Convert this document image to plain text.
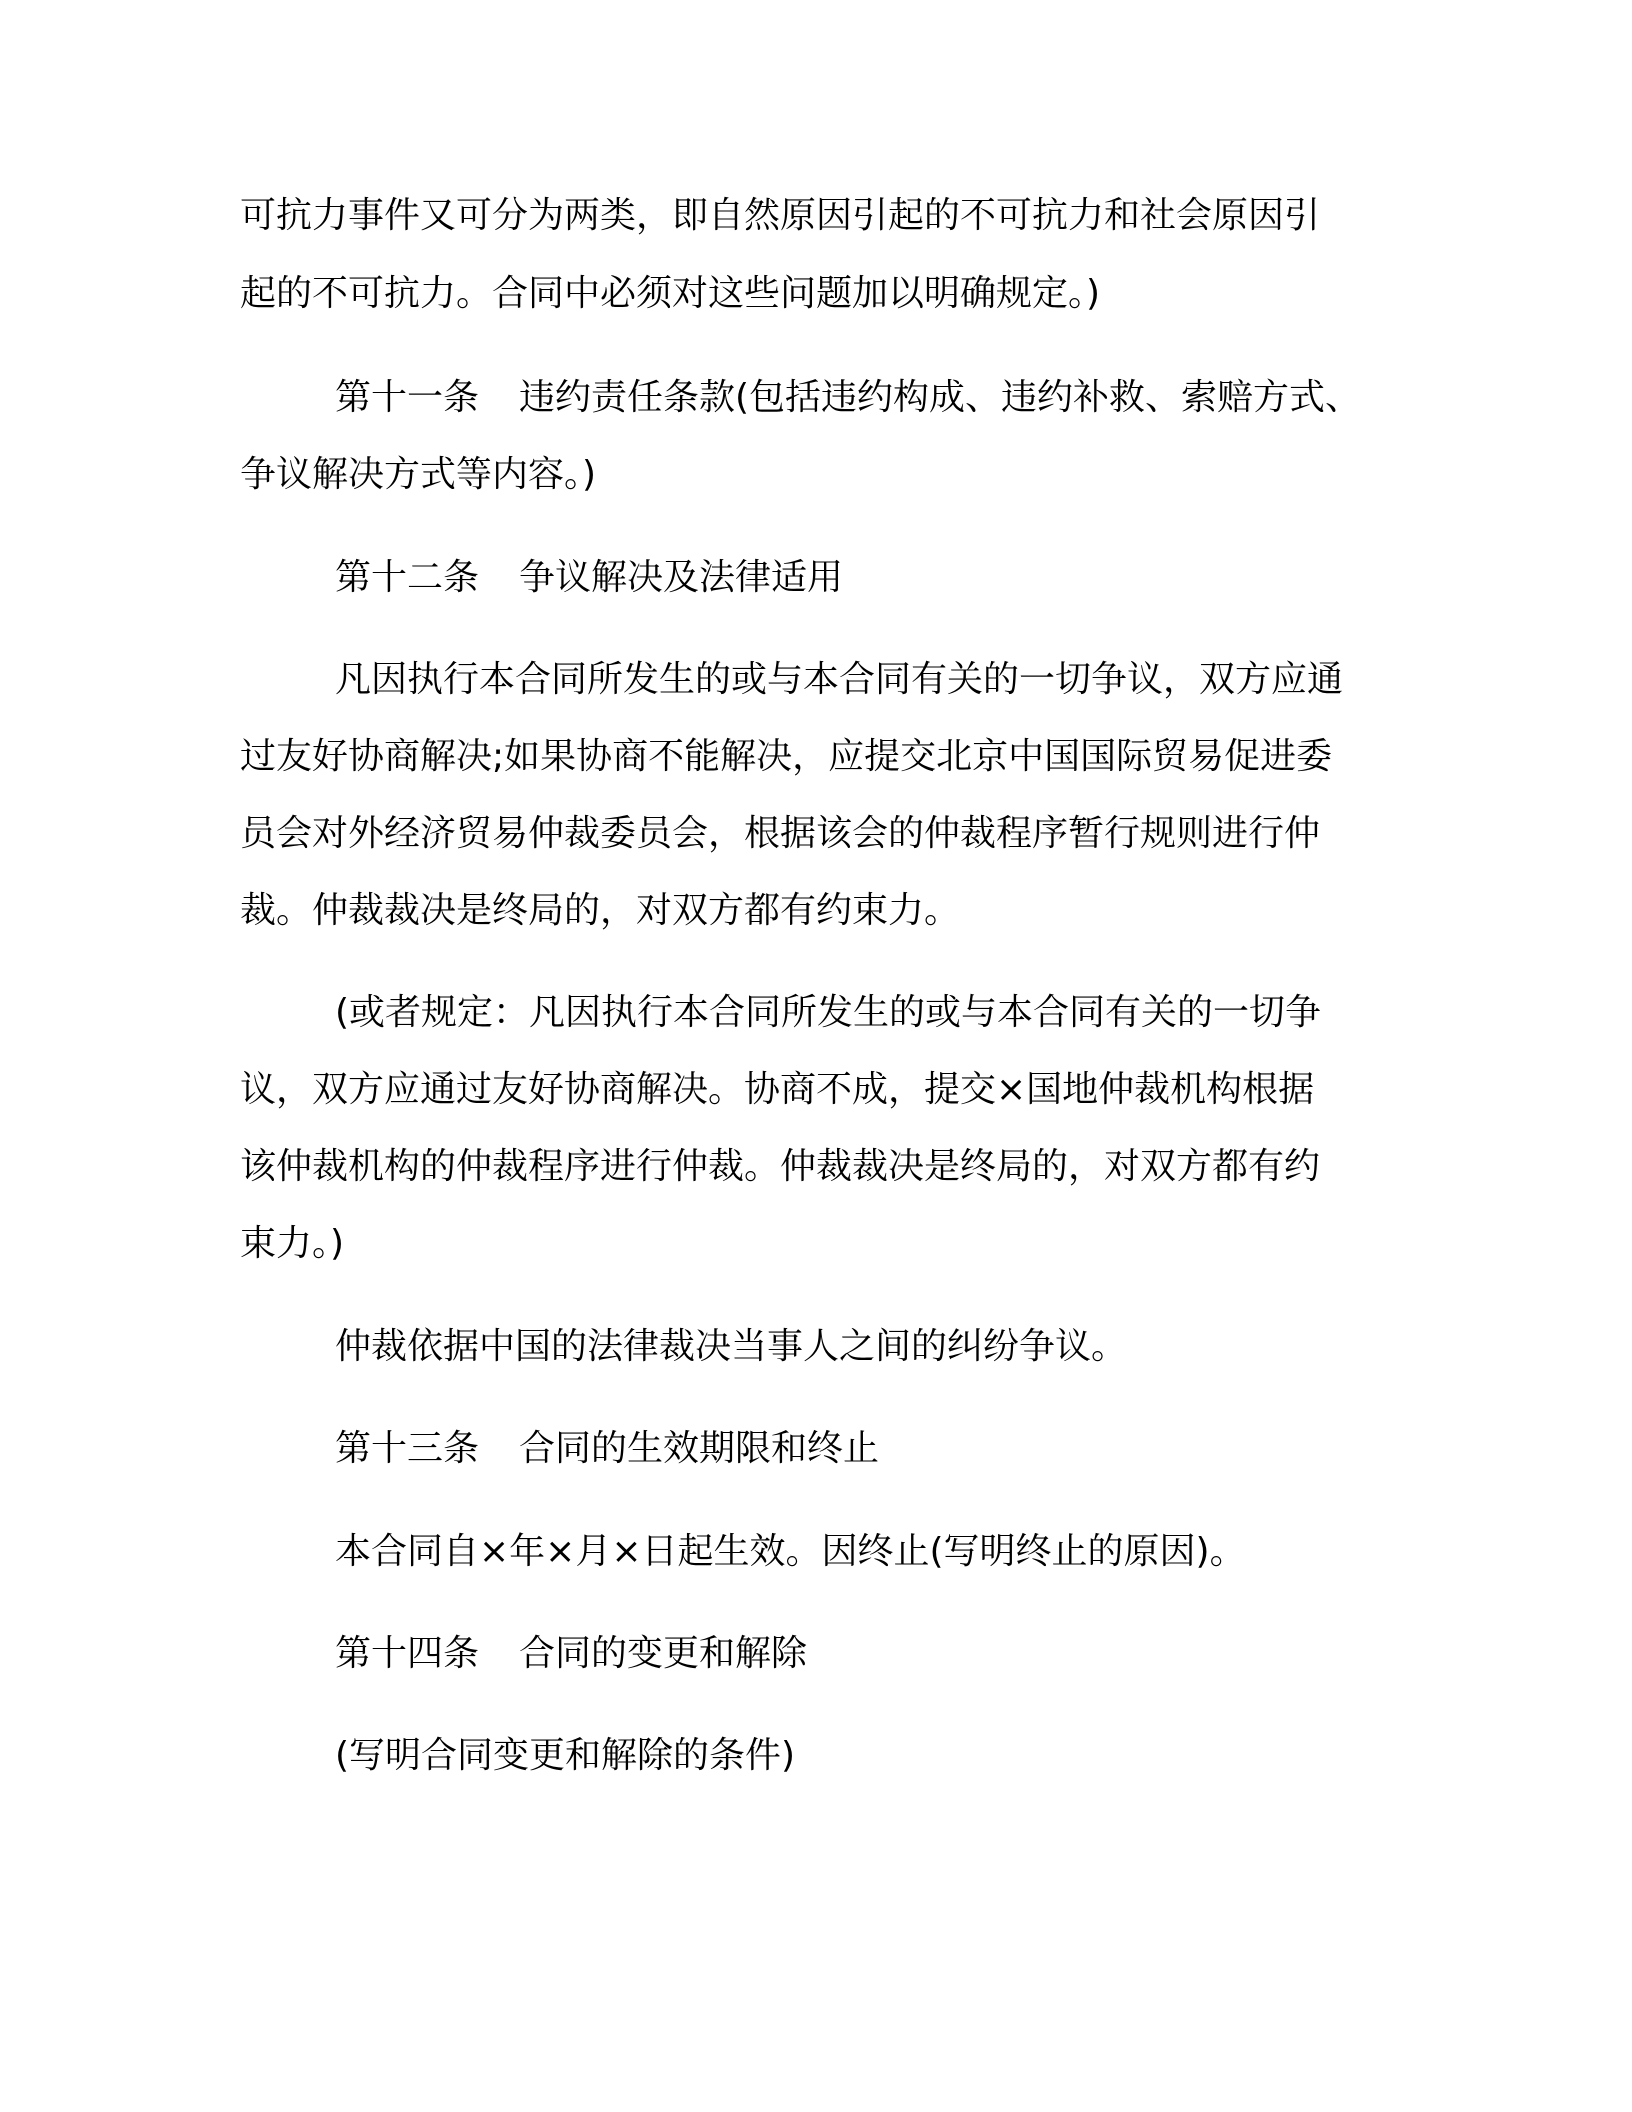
可抗力事件又可分为两类，即自然原因引起的不可抗力和社会原因引
起的不可抗力。合同中必须对这些问题加以明确规定。)
第十一条 违约责任条款(包括违约构成、违约补救、索赔方式、
争议解决方式等内容。)
第十二条 争议解决及法律适用
凡因执行本合同所发生的或与本合同有关的一切争议，双方应通
过友好协商解决;如果协商不能解决，应提交北京中国国际贸易促进委
员会对外经济贸易仲裁委员会，根据该会的仲裁程序暂行规则进行仲
裁。仲裁裁决是终局的，对双方都有约束力。
(或者规定：凡因执行本合同所发生的或与本合同有关的一切争
议，双方应通过友好协商解决。协商不成，提交×国地仲裁机构根据
该仲裁机构的仲裁程序进行仲裁。仲裁裁决是终局的，对双方都有约
束力。)
仲裁依据中国的法律裁决当事人之间的纠纷争议。
第十三条 合同的生效期限和终止
本合同自×年×月×日起生效。因终止(写明终止的原因)。
第十四条 合同的变更和解除
(写明合同变更和解除的条件)
